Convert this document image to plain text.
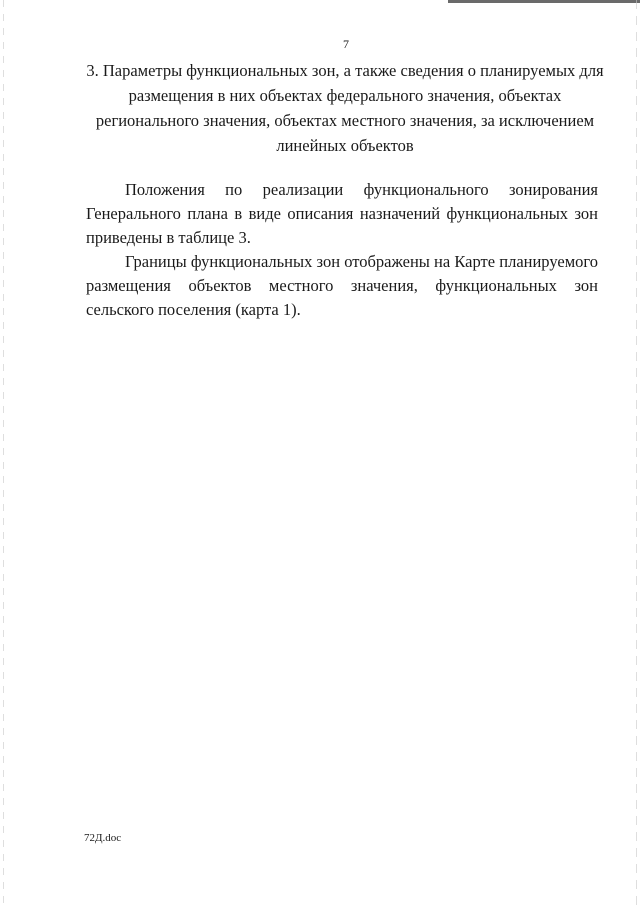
7
3. Параметры функциональных зон, а также сведения о планируемых для размещения в них объектах федерального значения, объектах регионального значения, объектах местного значения, за исключением линейных объектов

Положения по реализации функционального зонирования Генерального плана в виде описания назначений функциональных зон приведены в таблице 3.

Границы функциональных зон отображены на Карте планируемого размещения объектов местного значения, функциональных зон сельского поселения (карта 1).

72Д.doc
